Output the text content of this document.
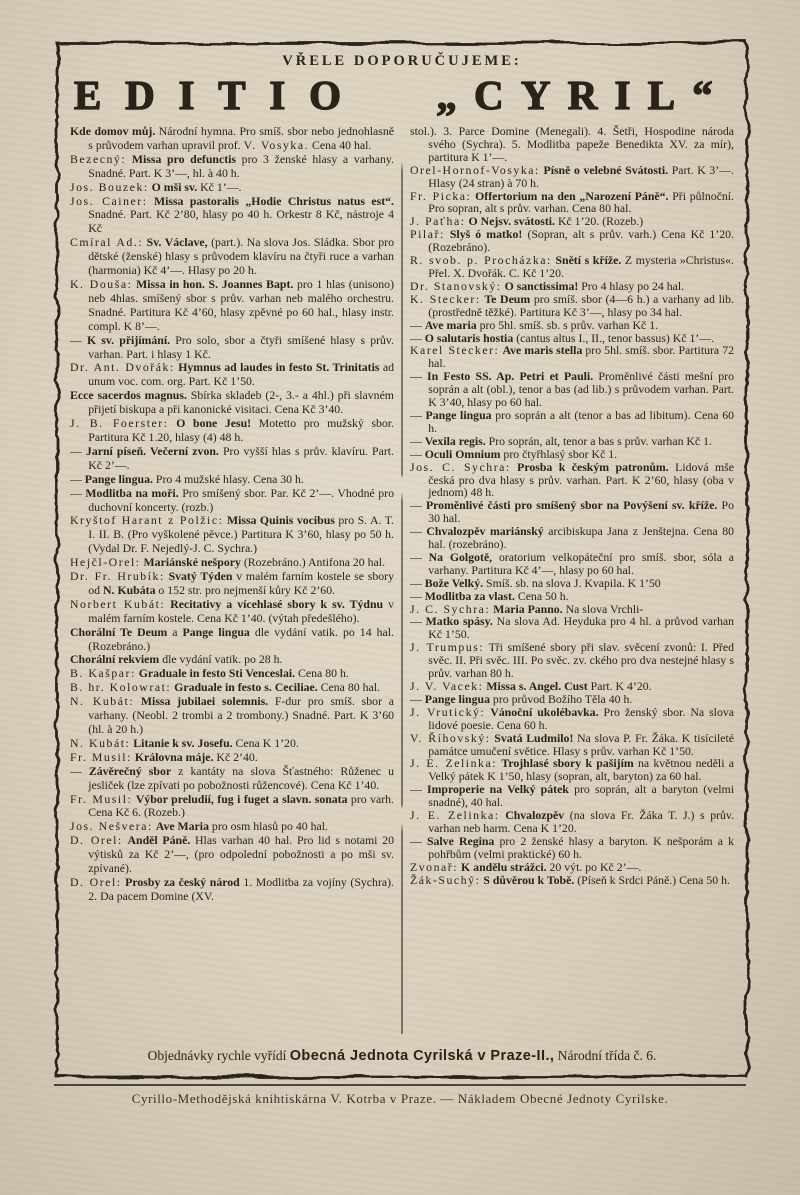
VŘELE DOPORUČUJEME:
EDITIO „CYRIL“

Kde domov můj. Národní hymna. Pro smíš. sbor nebo jednohlasně s průvodem varhan upravil prof. V. Vosyka. Cena 40 hal.

Bezecný: Missa pro defunctis pro 3 ženské hlasy a varhany. Snadné. Part. K 3’—, hl. à 40 h.

Jos. Bouzek: O mši sv. Kč 1’—.

Jos. Cainer: Missa pastoralis „Hodie Christus natus est“. Snadné. Part. Kč 2’80, hlasy po 40 h. Orkestr 8 Kč, nástroje 4 Kč

Cmíral Ad.: Sv. Václave, (part.). Na slova Jos. Sládka. Sbor pro dětské (ženské) hlasy s průvodem klavíru na čtyři ruce a varhan (harmonia) Kč 4’—. Hlasy po 20 h.

K. Douša: Missa in hon. S. Joannes Bapt. pro 1 hlas (unisono) neb 4hlas. smíšený sbor s prův. varhan neb malého orchestru. Snadné. Partitura Kč 4’60, hlasy zpěvné po 60 hal., hlasy instr. compl. K 8’—.

— K sv. přijímání. Pro solo, sbor a čtyři smíšené hlasy s prův. varhan. Part. i hlasy 1 Kč.

Dr. Ant. Dvořák: Hymnus ad laudes in festo St. Trinitatis ad unum voc. com. org. Part. Kč 1’50.

Ecce sacerdos magnus. Sbírka skladeb (2-, 3.- a 4hl.) při slavném přijetí biskupa a při kanonické visitaci. Cena Kč 3’40.

J. B. Foerster: O bone Jesu! Motetto pro mužský sbor. Partitura Kč 1.20, hlasy (4) 48 h.

— Jarní píseň. Večerní zvon. Pro vyšší hlas s prův. klavíru. Part. Kč 2’—.

— Pange lingua. Pro 4 mužské hlasy. Cena 30 h.

— Modlitba na moři. Pro smíšený sbor. Par. Kč 2’—. Vhodné pro duchovní koncerty. (rozb.)

Kryštof Harant z Polžic: Missa Quinis vocibus pro S. A. T. I. II. B. (Pro vyškolené pěvce.) Partitura K 3’60, hlasy po 50 h. (Vydal Dr. F. Nejedlý-J. C. Sychra.)

Hejčl-Orel: Mariánské nešpory (Rozebráno.) Antifona 20 hal.

Dr. Fr. Hrubík: Svatý Týden v malém farním kostele se sbory od N. Kubáta o 152 str. pro nejmenší kůry Kč 2’60.

Norbert Kubát: Recitativy a vícehlasé sbory k sv. Týdnu v malém farním kostele. Cena Kč 1’40. (výtah předešlého).

Chorální Te Deum a Pange lingua dle vydání vatik. po 14 hal. (Rozebráno.)

Chorální rekviem dle vydání vatik. po 28 h.

B. Kašpar: Graduale in festo Sti Venceslai. Cena 80 h.

B. hr. Kolowrat: Graduale in festo s. Ceciliae. Cena 80 hal.

N. Kubát: Missa jubilaei solemnis. F-dur pro smíš. sbor a varhany. (Neobl. 2 trombi a 2 trombony.) Snadné. Part. K 3’60 (hl. à 20 h.)

N. Kubát: Litanie k sv. Josefu. Cena K 1’20.

Fr. Musil: Královna máje. Kč 2’40.

— Závěrečný sbor z kantáty na slova Šťastného: Růženec u jesliček (lze zpívati po pobožnosti růžencové). Cena Kč 1’40.

Fr. Musil: Výbor preludií, fug i fuget a slavn. sonata pro varh. Cena Kč 6. (Rozeb.)

Jos. Nešvera: Ave Maria pro osm hlasů po 40 hal.

D. Orel: Anděl Páně. Hlas varhan 40 hal. Pro lid s notami 20 výtisků za Kč 2’—, (pro odpolední pobožnosti a po mši sv. zpívané).

D. Orel: Prosby za český národ 1. Modlitba za vojíny (Sychra). 2. Da pacem Domine (XV.

stol.). 3. Parce Domine (Menegali). 4. Šetři, Hospodine národa svého (Sychra). 5. Modlitba papeže Benedikta XV. za mír), partitura K 1’—.

Orel-Hornof-Vosyka: Písně o velebné Svátosti. Part. K 3’—. Hlasy (24 stran) à 70 h.

Fr. Picka: Offertorium na den „Narození Páně“. Při půlnoční. Pro sopran, alt s prův. varhan. Cena 80 hal.

J. Paťha: O Nejsv. svátosti. Kč 1’20. (Rozeb.)

Pilař: Slyš ó matko! (Sopran, alt s prův. varh.) Cena Kč 1’20. (Rozebráno).

R. svob. p. Procházka: Snětí s kříže. Z mysteria »Christus«. Přel. X. Dvořák. C. Kč 1’20.

Dr. Stanovský: O sanctissima! Pro 4 hlasy po 24 hal.

K. Stecker: Te Deum pro smíš. sbor (4—6 h.) a varhany ad lib. (prostředně těžké). Partitura Kč 3’—, hlasy po 34 hal.

— Ave maria pro 5hl. smíš. sb. s prův. varhan Kč 1.

— O salutaris hostia (cantus altus I., II., tenor bassus) Kč 1’—.

Karel Stecker: Ave maris stella pro 5hl. smíš. sbor. Partitura 72 hal.

— In Festo SS. Ap. Petri et Pauli. Proměnlivé části mešní pro soprán a alt (obl.), tenor a bas (ad lib.) s průvodem varhan. Part. K 3’40, hlasy po 60 hal.

— Pange lingua pro soprán a alt (tenor a bas ad libitum). Cena 60 h.

— Vexila regis. Pro soprán, alt, tenor a bas s prův. varhan Kč 1.

— Oculi Omnium pro čtyřhlasý sbor Kč 1.

Jos. C. Sychra: Prosba k českým patronům. Lidová mše česká pro dva hlasy s prův. varhan. Part. K 2’60, hlasy (oba v jednom) 48 h.

— Proměnlivé části pro smíšený sbor na Povýšení sv. kříže. Po 30 hal.

— Chvalozpěv mariánský arcibiskupa Jana z Jenštejna. Cena 80 hal. (rozebráno).

— Na Golgotě, oratorium velkopáteční pro smíš. sbor, sóla a varhany. Partitura Kč 4’—, hlasy po 60 hal.

— Bože Velký. Smíš. sb. na slova J. Kvapila. K 1’50

— Modlitba za vlast. Cena 50 h.

J. C. Sychra: Maria Panno. Na slova Vrchli-

— Matko spásy. Na slova Ad. Heyduka pro 4 hl. a průvod varhan Kč 1’50.

J. Trumpus: Tři smíšené sbory při slav. svěcení zvonů: I. Před svěc. II. Při svěc. III. Po svěc. zv. ckého pro dva nestejné hlasy s prův. varhan 80 h.

J. V. Vacek: Missa s. Angel. Cust Part. K 4’20.

— Pange lingua pro průvod Božího Těla 40 h.

J. Vrutický: Vánoční ukolébavka. Pro ženský sbor. Na slova lidové poesie. Cena 60 h.

V. Říhovský: Svatá Ludmilo! Na slova P. Fr. Žáka. K tisícileté památce umučení světice. Hlasy s prův. varhan Kč 1’50.

J. E. Zelinka: Trojhlasé sbory k pašijím na květnou neděli a Velký pátek K 1’50, hlasy (sopran, alt, baryton) za 60 hal.

— Improperie na Velký pátek pro soprán, alt a baryton (velmi snadné), 40 hal.

J. E. Zelinka: Chvalozpěv (na slova Fr. Žáka T. J.) s prův. varhan neb harm. Cena K 1’20.

— Salve Regina pro 2 ženské hlasy a baryton. K nešporám a k pohřbům (velmi praktické) 60 h.

Zvonař: K andělu strážci. 20 výt. po Kč 2’—.

Žák-Suchý: S důvěrou k Tobě. (Píseň k Srdci Páně.) Cena 50 h.

Objednávky rychle vyřídí Obecná Jednota Cyrilská v Praze-II., Národní třída č. 6.
Cyrillo-Methodějská knihtiskárna V. Kotrba v Praze. — Nákladem Obecné Jednoty Cyrilske.
